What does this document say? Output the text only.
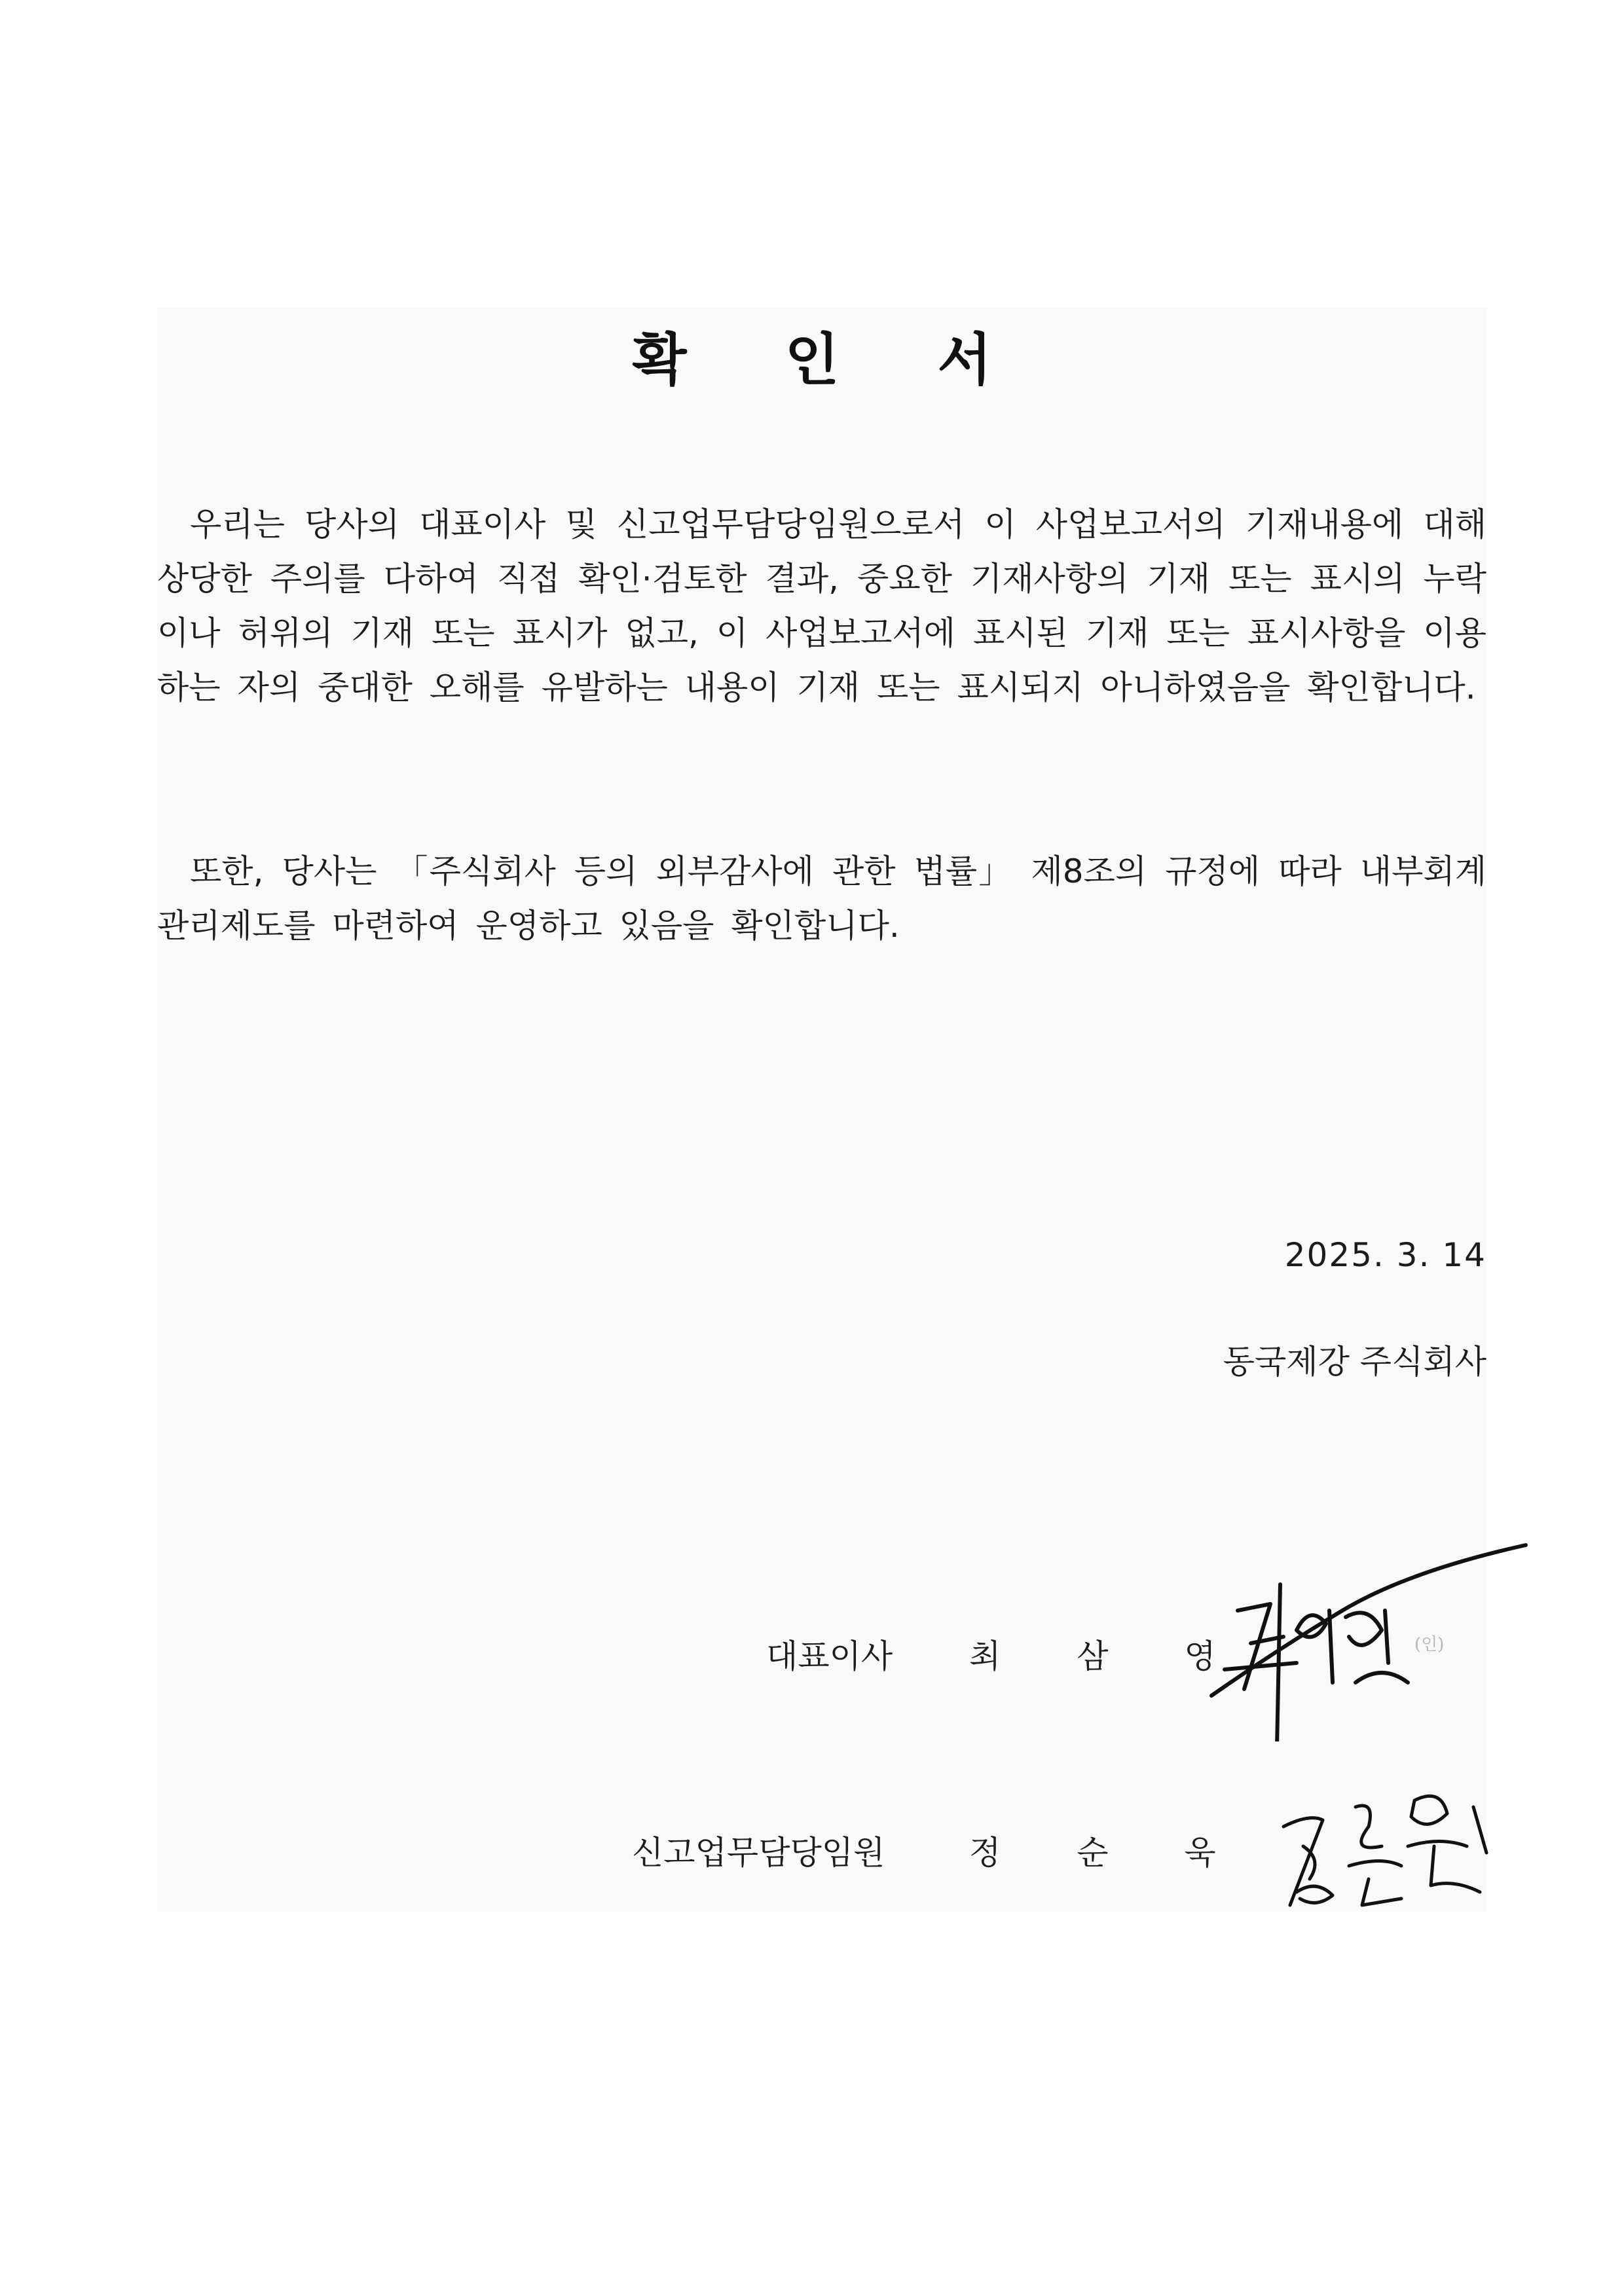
확 인 서
우리는 당사의 대표이사 및 신고업무담당임원으로서 이 사업보고서의 기재내용에 대해 상당한 주의를 다하여 직접 확인·검토한 결과, 중요한 기재사항의 기재 또는 표시의 누락이나 허위의 기재 또는 표시가 없고, 이 사업보고서에 표시된 기재 또는 표시사항을 이용하는 자의 중대한 오해를 유발하는 내용이 기재 또는 표시되지 아니하였음을 확인합니다.
또한, 당사는 「주식회사 등의 외부감사에 관한 법률」 제8조의 규정에 따라 내부회계관리제도를 마련하여 운영하고 있음을 확인합니다.
2025. 3. 14
동국제강 주식회사
대표이사 최 삼 영	(인)
신고업무담당임원	정 순 욱
